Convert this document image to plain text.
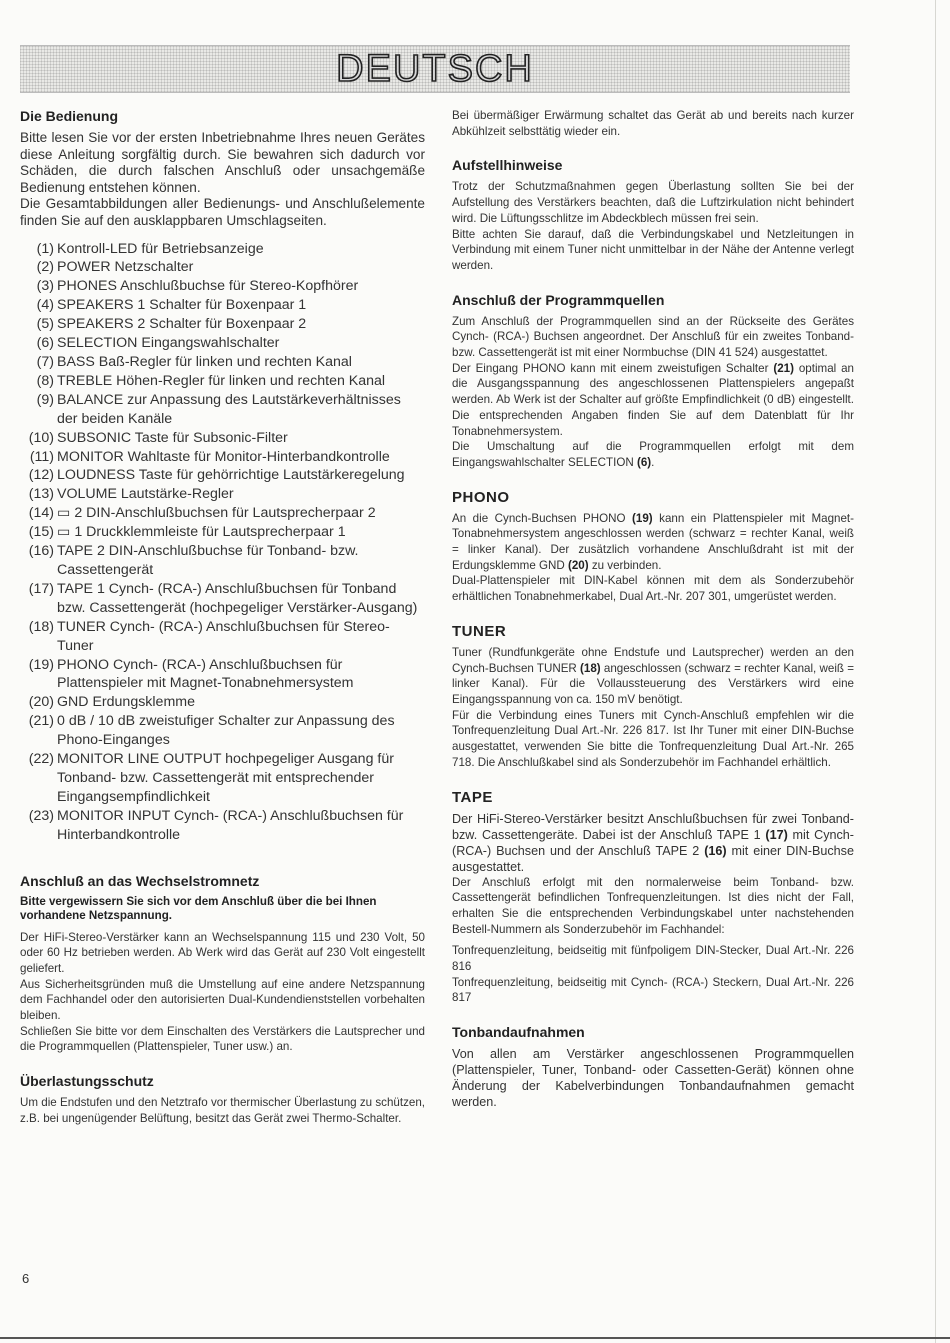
DEUTSCH
Die Bedienung

Bitte lesen Sie vor der ersten Inbetriebnahme Ihres neuen Gerätes diese Anleitung sorgfältig durch. Sie bewahren sich dadurch vor Schäden, die durch falschen Anschluß oder unsachgemäße Bedienung entstehen können.

Die Gesamtabbildungen aller Bedienungs- und Anschlußelemente finden Sie auf den ausklappbaren Umschlagseiten.

(1) Kontroll-LED für Betriebsanzeige
(2) POWER Netzschalter
(3) PHONES Anschlußbuchse für Stereo-Kopfhörer
(4) SPEAKERS 1 Schalter für Boxenpaar 1
(5) SPEAKERS 2 Schalter für Boxenpaar 2
(6) SELECTION Eingangswahlschalter
(7) BASS Baß-Regler für linken und rechten Kanal
(8) TREBLE Höhen-Regler für linken und rechten Kanal
(9) BALANCE zur Anpassung des Lautstärkeverhältnisses der beiden Kanäle
(10) SUBSONIC Taste für Subsonic-Filter
(11) MONITOR Wahltaste für Monitor-Hinterbandkontrolle
(12) LOUDNESS Taste für gehörrichtige Lautstärkeregelung
(13) VOLUME Lautstärke-Regler
(14) ▭ 2 DIN-Anschlußbuchsen für Lautsprecherpaar 2
(15) ▭ 1 Druckklemmleiste für Lautsprecherpaar 1
(16) TAPE 2 DIN-Anschlußbuchse für Tonband- bzw. Cassettengerät
(17) TAPE 1 Cynch- (RCA-) Anschlußbuchsen für Tonband bzw. Cassettengerät (hochpegeliger Verstärker-Ausgang)
(18) TUNER Cynch- (RCA-) Anschlußbuchsen für Stereo-Tuner
(19) PHONO Cynch- (RCA-) Anschlußbuchsen für Plattenspieler mit Magnet-Tonabnehmersystem
(20) GND Erdungsklemme
(21) 0 dB / 10 dB zweistufiger Schalter zur Anpassung des Phono-Einganges
(22) MONITOR LINE OUTPUT hochpegeliger Ausgang für Tonband- bzw. Cassettengerät mit entsprechender Eingangsempfindlichkeit
(23) MONITOR INPUT Cynch- (RCA-) Anschlußbuchsen für Hinterbandkontrolle
Anschluß an das Wechselstromnetz

Bitte vergewissern Sie sich vor dem Anschluß über die bei Ihnen vorhandene Netzspannung.

Der HiFi-Stereo-Verstärker kann an Wechselspannung 115 und 230 Volt, 50 oder 60 Hz betrieben werden. Ab Werk wird das Gerät auf 230 Volt eingestellt geliefert.

Aus Sicherheitsgründen muß die Umstellung auf eine andere Netzspannung dem Fachhandel oder den autorisierten Dual-Kundendienststellen vorbehalten bleiben.

Schließen Sie bitte vor dem Einschalten des Verstärkers die Lautsprecher und die Programmquellen (Plattenspieler, Tuner usw.) an.

Überlastungsschutz

Um die Endstufen und den Netztrafo vor thermischer Überlastung zu schützen, z.B. bei ungenügender Belüftung, besitzt das Gerät zwei Thermo-Schalter.

Bei übermäßiger Erwärmung schaltet das Gerät ab und bereits nach kurzer Abkühlzeit selbsttätig wieder ein.

Aufstellhinweise

Trotz der Schutzmaßnahmen gegen Überlastung sollten Sie bei der Aufstellung des Verstärkers beachten, daß die Luftzirkulation nicht behindert wird. Die Lüftungsschlitze im Abdeckblech müssen frei sein.

Bitte achten Sie darauf, daß die Verbindungskabel und Netzleitungen in Verbindung mit einem Tuner nicht unmittelbar in der Nähe der Antenne verlegt werden.

Anschluß der Programmquellen

Zum Anschluß der Programmquellen sind an der Rückseite des Gerätes Cynch- (RCA-) Buchsen angeordnet. Der Anschluß für ein zweites Tonband- bzw. Cassettengerät ist mit einer Normbuchse (DIN 41 524) ausgestattet.

Der Eingang PHONO kann mit einem zweistufigen Schalter (21) optimal an die Ausgangsspannung des angeschlossenen Plattenspielers angepaßt werden. Ab Werk ist der Schalter auf größte Empfindlichkeit (0 dB) eingestellt. Die entsprechenden Angaben finden Sie auf dem Datenblatt für Ihr Tonabnehmersystem.

Die Umschaltung auf die Programmquellen erfolgt mit dem Eingangswahlschalter SELECTION (6).

PHONO

An die Cynch-Buchsen PHONO (19) kann ein Plattenspieler mit Magnet-Tonabnehmersystem angeschlossen werden (schwarz = rechter Kanal, weiß = linker Kanal). Der zusätzlich vorhandene Anschlußdraht ist mit der Erdungsklemme GND (20) zu verbinden.

Dual-Plattenspieler mit DIN-Kabel können mit dem als Sonderzubehör erhältlichen Tonabnehmerkabel, Dual Art.-Nr. 207 301, umgerüstet werden.

TUNER

Tuner (Rundfunkgeräte ohne Endstufe und Lautsprecher) werden an den Cynch-Buchsen TUNER (18) angeschlossen (schwarz = rechter Kanal, weiß = linker Kanal). Für die Vollaussteuerung des Verstärkers wird eine Eingangsspannung von ca. 150 mV benötigt.

Für die Verbindung eines Tuners mit Cynch-Anschluß empfehlen wir die Tonfrequenzleitung Dual Art.-Nr. 226 817. Ist Ihr Tuner mit einer DIN-Buchse ausgestattet, verwenden Sie bitte die Tonfrequenzleitung Dual Art.-Nr. 265 718. Die Anschlußkabel sind als Sonderzubehör im Fachhandel erhältlich.

TAPE

Der HiFi-Stereo-Verstärker besitzt Anschlußbuchsen für zwei Tonband- bzw. Cassettengeräte. Dabei ist der Anschluß TAPE 1 (17) mit Cynch- (RCA-) Buchsen und der Anschluß TAPE 2 (16) mit einer DIN-Buchse ausgestattet.

Der Anschluß erfolgt mit den normalerweise beim Tonband- bzw. Cassettengerät befindlichen Tonfrequenzleitungen. Ist dies nicht der Fall, erhalten Sie die entsprechenden Verbindungskabel unter nachstehenden Bestell-Nummern als Sonderzubehör im Fachhandel:

Tonfrequenzleitung, beidseitig mit fünfpoligem DIN-Stecker, Dual Art.-Nr. 226 816

Tonfrequenzleitung, beidseitig mit Cynch- (RCA-) Steckern, Dual Art.-Nr. 226 817

Tonbandaufnahmen

Von allen am Verstärker angeschlossenen Programmquellen (Plattenspieler, Tuner, Tonband- oder Cassetten-Gerät) können ohne Änderung der Kabelverbindungen Tonbandaufnahmen gemacht werden.

6
